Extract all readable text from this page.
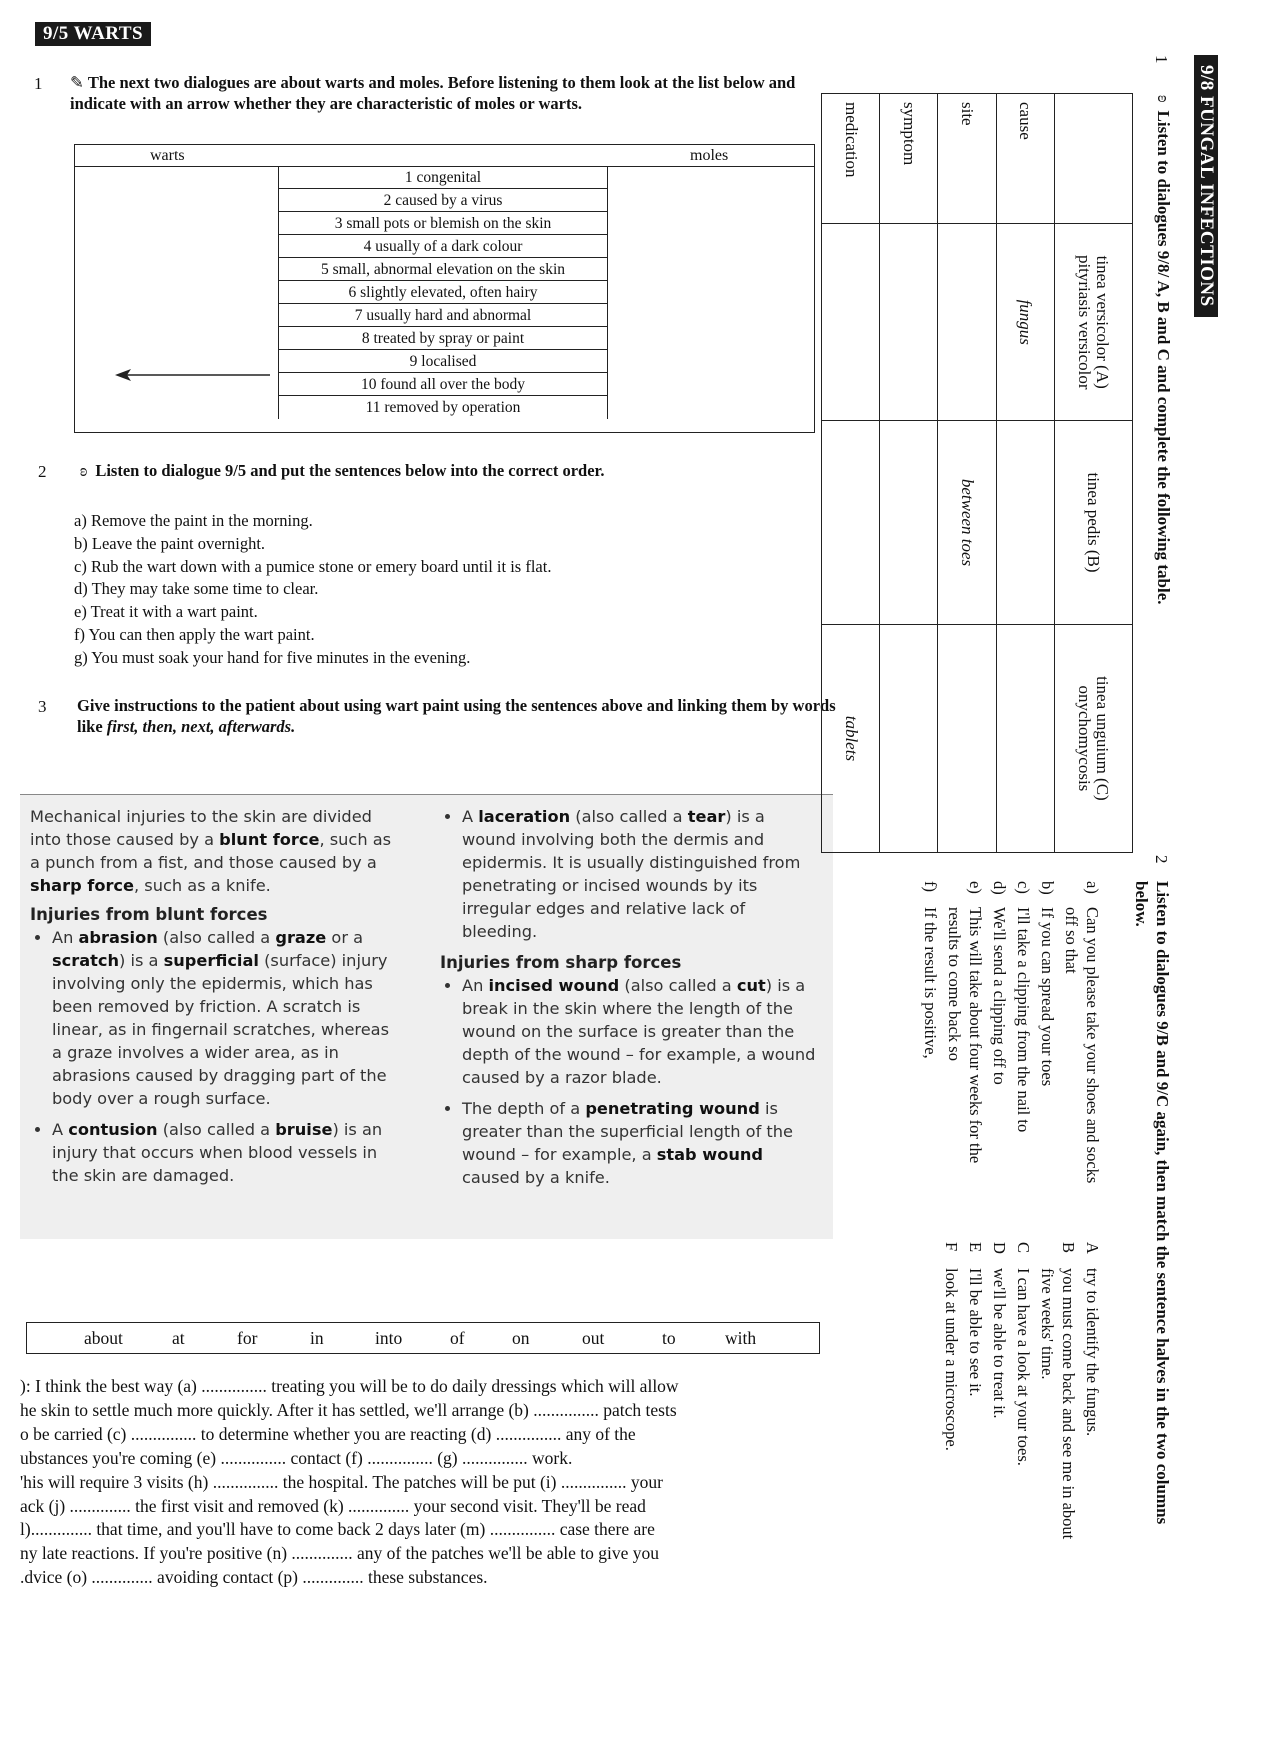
9/5 WARTS
1 ✎ The next two dialogues are about warts and moles. Before listening to them look at the list below and indicate with an arrow whether they are characteristic of moles or warts.
warts	moles
1 congenital
2 caused by a virus
3 small pots or blemish on the skin
4 usually of a dark colour
5 small, abnormal elevation on the skin
6 slightly elevated, often hairy
7 usually hard and abnormal
8 treated by spray or paint
9 localised
10 found all over the body
11 removed by operation
2 ʚ Listen to dialogue 9/5 and put the sentences below into the correct order.
a) Remove the paint in the morning.
b) Leave the paint overnight.
c) Rub the wart down with a pumice stone or emery board until it is flat.
d) They may take some time to clear.
e) Treat it with a wart paint.
f) You can then apply the wart paint.
g) You must soak your hand for five minutes in the evening.
3 Give instructions to the patient about using wart paint using the sentences above and linking them by words like first, then, next, afterwards.

Mechanical injuries to the skin are divided into those caused by a blunt force, such as a punch from a fist, and those caused by a sharp force, such as a knife.

Injuries from blunt forces
• An abrasion (also called a graze or a scratch) is a superficial (surface) injury involving only the epidermis, which has been removed by friction. A scratch is linear, as in fingernail scratches, whereas a graze involves a wider area, as in abrasions caused by dragging part of the body over a rough surface.
• A contusion (also called a bruise) is an injury that occurs when blood vessels in the skin are damaged.
• A laceration (also called a tear) is a wound involving both the dermis and epidermis. It is usually distinguished from penetrating or incised wounds by its irregular edges and relative lack of bleeding.
Injuries from sharp forces
• An incised wound (also called a cut) is a break in the skin where the length of the wound on the surface is greater than the depth of the wound – for example, a wound caused by a razor blade.
• The depth of a penetrating wound is greater than the superficial length of the wound – for example, a stab wound caused by a knife.
about	at	for	in	into	of	on	out	to	with
): I think the best way (a) ............... treating you will be to do daily dressings which will allow
he skin to settle much more quickly. After it has settled, we'll arrange (b) ............... patch tests
o be carried (c) ............... to determine whether you are reacting (d) ............... any of the
ubstances you're coming (e) ............... contact (f) ............... (g) ............... work.
'his will require 3 visits (h) ............... the hospital. The patches will be put (i) ............... your
ack (j) .............. the first visit and removed (k) .............. your second visit. They'll be read
l).............. that time, and you'll have to come back 2 days later (m) ............... case there are
ny late reactions. If you're positive (n) .............. any of the patches we'll be able to give you
.dvice (o) .............. avoiding contact (p) .............. these substances.
9/8 FUNGAL INFECTIONS
1
ʚListen to dialogues 9/8/ A, B and C and complete the following table.
	tinea versicolor (A) pityriasis versicolor	tinea pedis (B)	tinea unguium (C) onychomycosis
cause	fungus		
site		between toes	
symptom			
medication			tablets
2
Listen to dialogues 9/B and 9/C again, then match the sentence halves in the two columns below.
a)
Can you please take your shoes and socks off so that
b)
If you can spread your toes
c)
I'll take a clipping from the nail to
d)
We'll send a clipping off to
e)
This will take about four weeks for the results to come back so
f)
If the result is positive,
A
try to identify the fungus.
B
you must come back and see me in about five weeks' time.
C
I can have a look at your toes.
D
we'll be able to treat it.
E
I'll be able to see it.
F
look at under a microscope.
